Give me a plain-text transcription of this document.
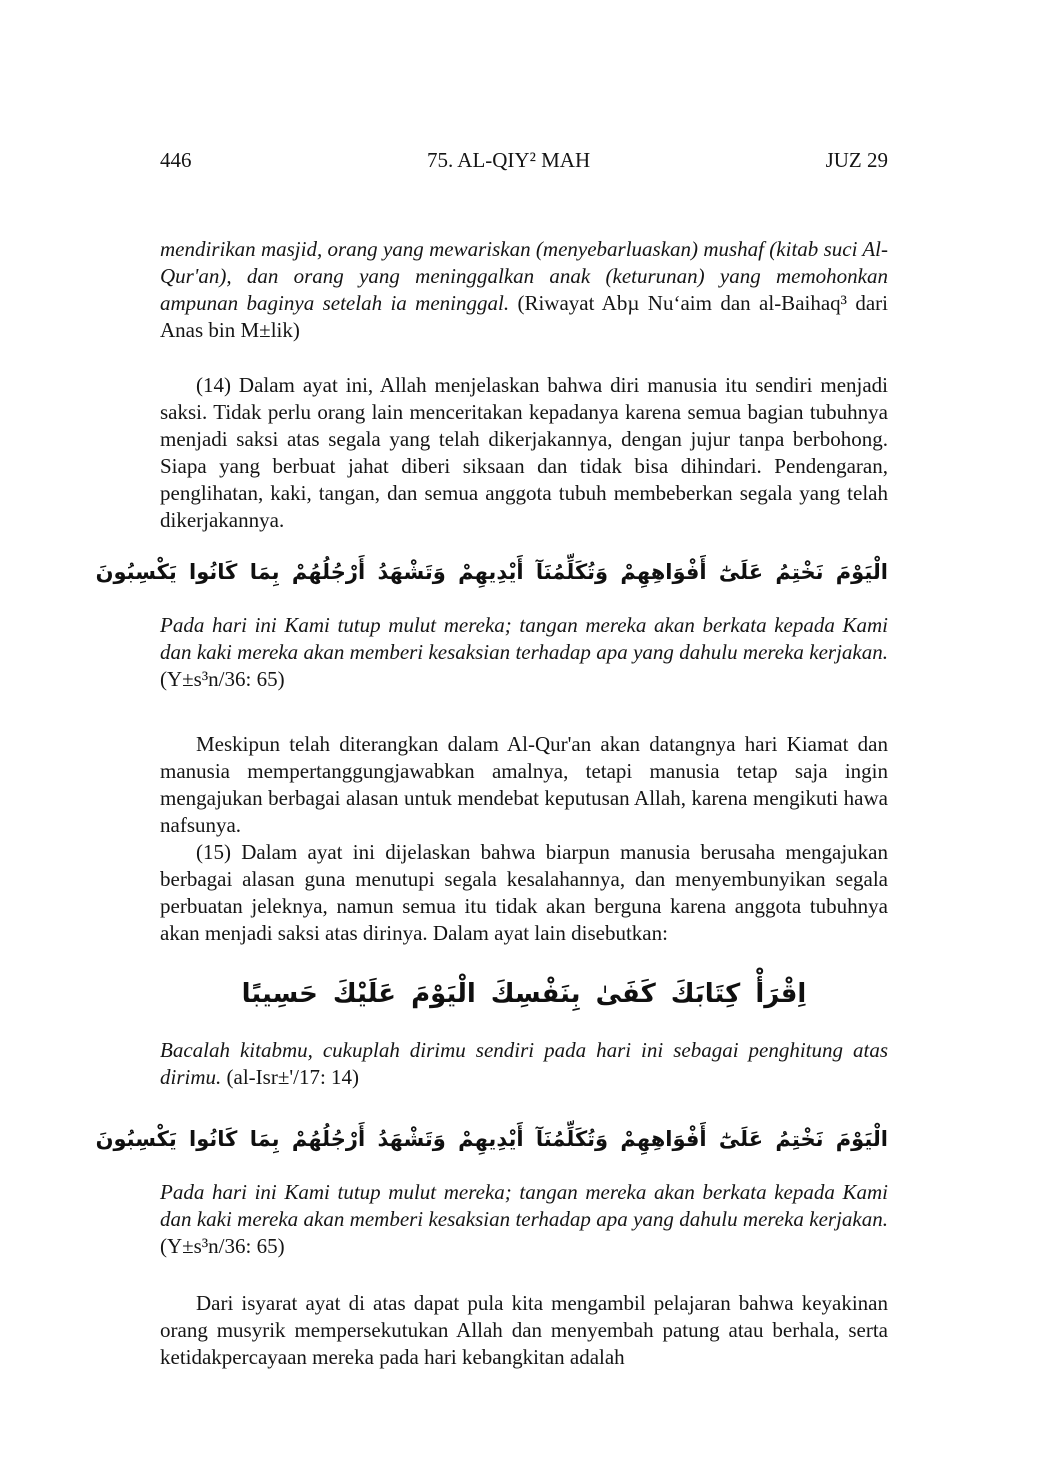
446	75. AL-QIY² MAH	JUZ 29

mendirikan masjid, orang yang mewariskan (menyebarluaskan) mushaf (kitab suci Al-Qur'an), dan orang yang meninggalkan anak (keturunan) yang memohonkan ampunan baginya setelah ia meninggal. (Riwayat Abµ Nu‘aim dan al-Baihaq³ dari Anas bin M±lik)

(14) Dalam ayat ini, Allah menjelaskan bahwa diri manusia itu sendiri menjadi saksi. Tidak perlu orang lain menceritakan kepadanya karena semua bagian tubuhnya menjadi saksi atas segala yang telah dikerjakannya, dengan jujur tanpa berbohong. Siapa yang berbuat jahat diberi siksaan dan tidak bisa dihindari. Pendengaran, penglihatan, kaki, tangan, dan semua anggota tubuh membeberkan segala yang telah dikerjakannya.

الْيَوْمَ نَخْتِمُ عَلَىٰٓ أَفْوَاهِهِمْ وَتُكَلِّمُنَآ أَيْدِيهِمْ وَتَشْهَدُ أَرْجُلُهُمْ بِمَا كَانُوا يَكْسِبُونَ

Pada hari ini Kami tutup mulut mereka; tangan mereka akan berkata kepada Kami dan kaki mereka akan memberi kesaksian terhadap apa yang dahulu mereka kerjakan. (Y±s³n/36: 65)

Meskipun telah diterangkan dalam Al-Qur'an akan datangnya hari Kiamat dan manusia mempertanggungjawabkan amalnya, tetapi manusia tetap saja ingin mengajukan berbagai alasan untuk mendebat keputusan Allah, karena mengikuti hawa nafsunya.

(15) Dalam ayat ini dijelaskan bahwa biarpun manusia berusaha mengajukan berbagai alasan guna menutupi segala kesalahannya, dan menyembunyikan segala perbuatan jeleknya, namun semua itu tidak akan berguna karena anggota tubuhnya akan menjadi saksi atas dirinya. Dalam ayat lain disebutkan:

اِقْرَأْ كِتَابَكَ كَفَىٰ بِنَفْسِكَ الْيَوْمَ عَلَيْكَ حَسِيبًا

Bacalah kitabmu, cukuplah dirimu sendiri pada hari ini sebagai penghitung atas dirimu. (al-Isr±'/17: 14)

الْيَوْمَ نَخْتِمُ عَلَىٰٓ أَفْوَاهِهِمْ وَتُكَلِّمُنَآ أَيْدِيهِمْ وَتَشْهَدُ أَرْجُلُهُمْ بِمَا كَانُوا يَكْسِبُونَ

Pada hari ini Kami tutup mulut mereka; tangan mereka akan berkata kepada Kami dan kaki mereka akan memberi kesaksian terhadap apa yang dahulu mereka kerjakan. (Y±s³n/36: 65)

Dari isyarat ayat di atas dapat pula kita mengambil pelajaran bahwa keyakinan orang musyrik mempersekutukan Allah dan menyembah patung atau berhala, serta ketidakpercayaan mereka pada hari kebangkitan adalah
